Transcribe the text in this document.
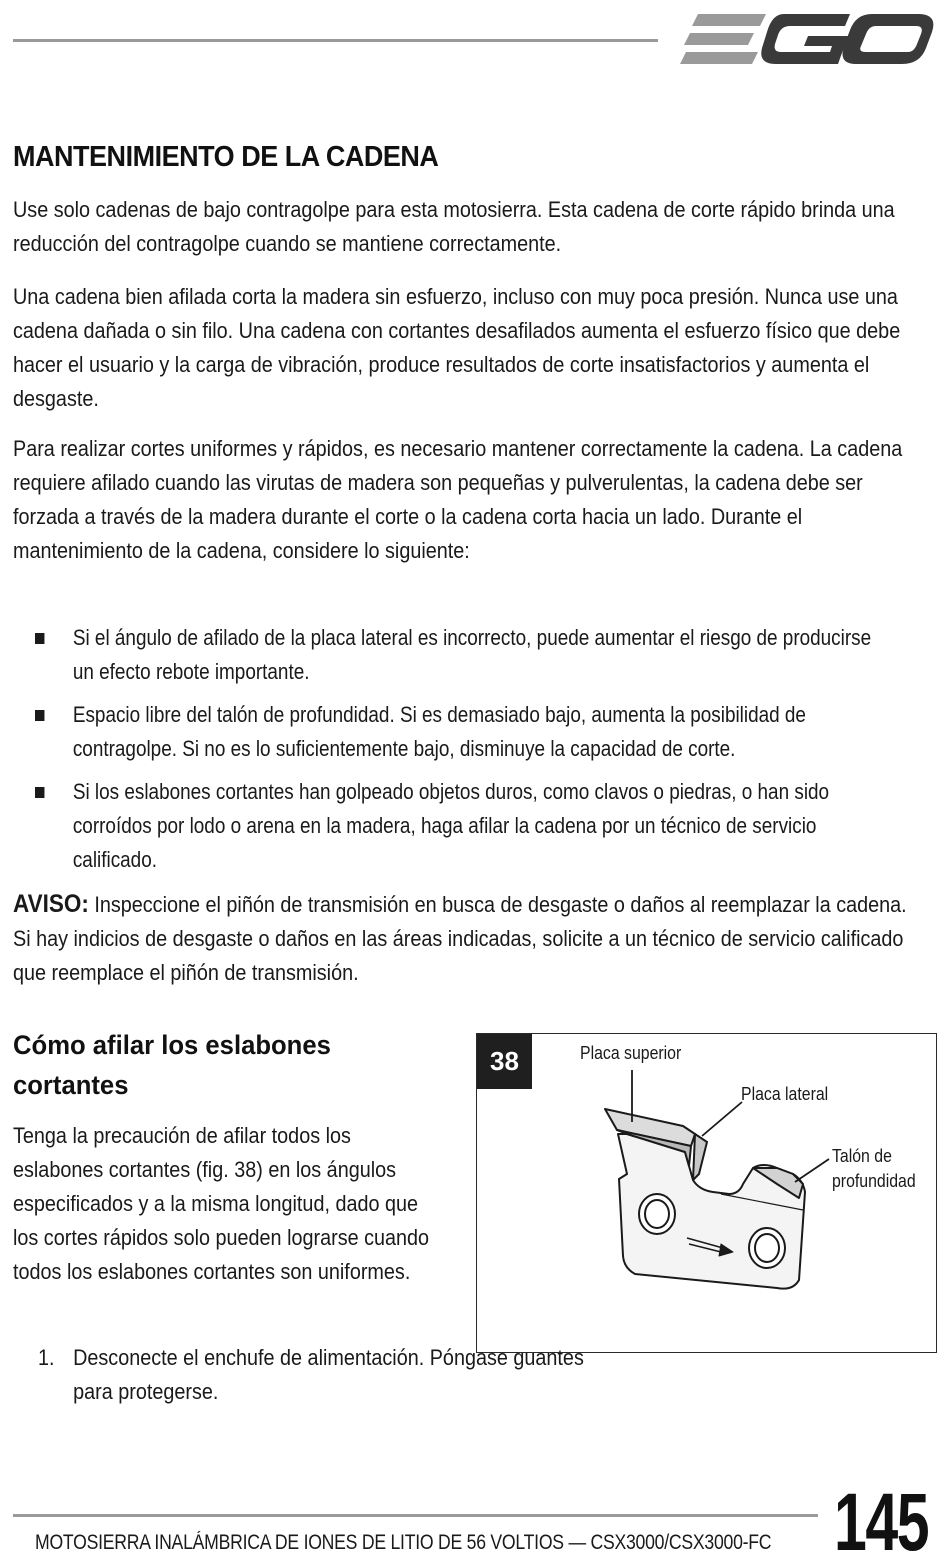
MANTENIMIENTO DE LA CADENA
Use solo cadenas de bajo contragolpe para esta motosierra. Esta cadena de corte rápido brinda una reducción del contragolpe cuando se mantiene correctamente.
Una cadena bien afilada corta la madera sin esfuerzo, incluso con muy poca presión. Nunca use una cadena dañada o sin filo. Una cadena con cortantes desafilados aumenta el esfuerzo físico que debe hacer el usuario y la carga de vibración, produce resultados de corte insatisfactorios y aumenta el desgaste.
Para realizar cortes uniformes y rápidos, es necesario mantener correctamente la cadena. La cadena requiere afilado cuando las virutas de madera son pequeñas y pulverulentas, la cadena debe ser forzada a través de la madera durante el corte o la cadena corta hacia un lado. Durante el mantenimiento de la cadena, considere lo siguiente:
Si el ángulo de afilado de la placa lateral es incorrecto, puede aumentar el riesgo de producirse un efecto rebote importante.
Espacio libre del talón de profundidad. Si es demasiado bajo, aumenta la posibilidad de contragolpe. Si no es lo suficientemente bajo, disminuye la capacidad de corte.
Si los eslabones cortantes han golpeado objetos duros, como clavos o piedras, o han sido corroídos por lodo o arena en la madera, haga afilar la cadena por un técnico de servicio calificado.
AVISO: Inspeccione el piñón de transmisión en busca de desgaste o daños al reemplazar la cadena. Si hay indicios de desgaste o daños en las áreas indicadas, solicite a un técnico de servicio calificado que reemplace el piñón de transmisión.
Cómo afilar los eslabones cortantes
Tenga la precaución de afilar todos los eslabones cortantes (fig. 38) en los ángulos especificados y a la misma longitud, dado que los cortes rápidos solo pueden lograrse cuando todos los eslabones cortantes son uniformes.
1. Desconecte el enchufe de alimentación. Póngase guantes para protegerse.
38	Placa superior
Placa lateral
Talón de
profundidad
MOTOSIERRA INALÁMBRICA DE IONES DE LITIO DE 56 VOLTIOS — CSX3000/CSX3000-FC 145
